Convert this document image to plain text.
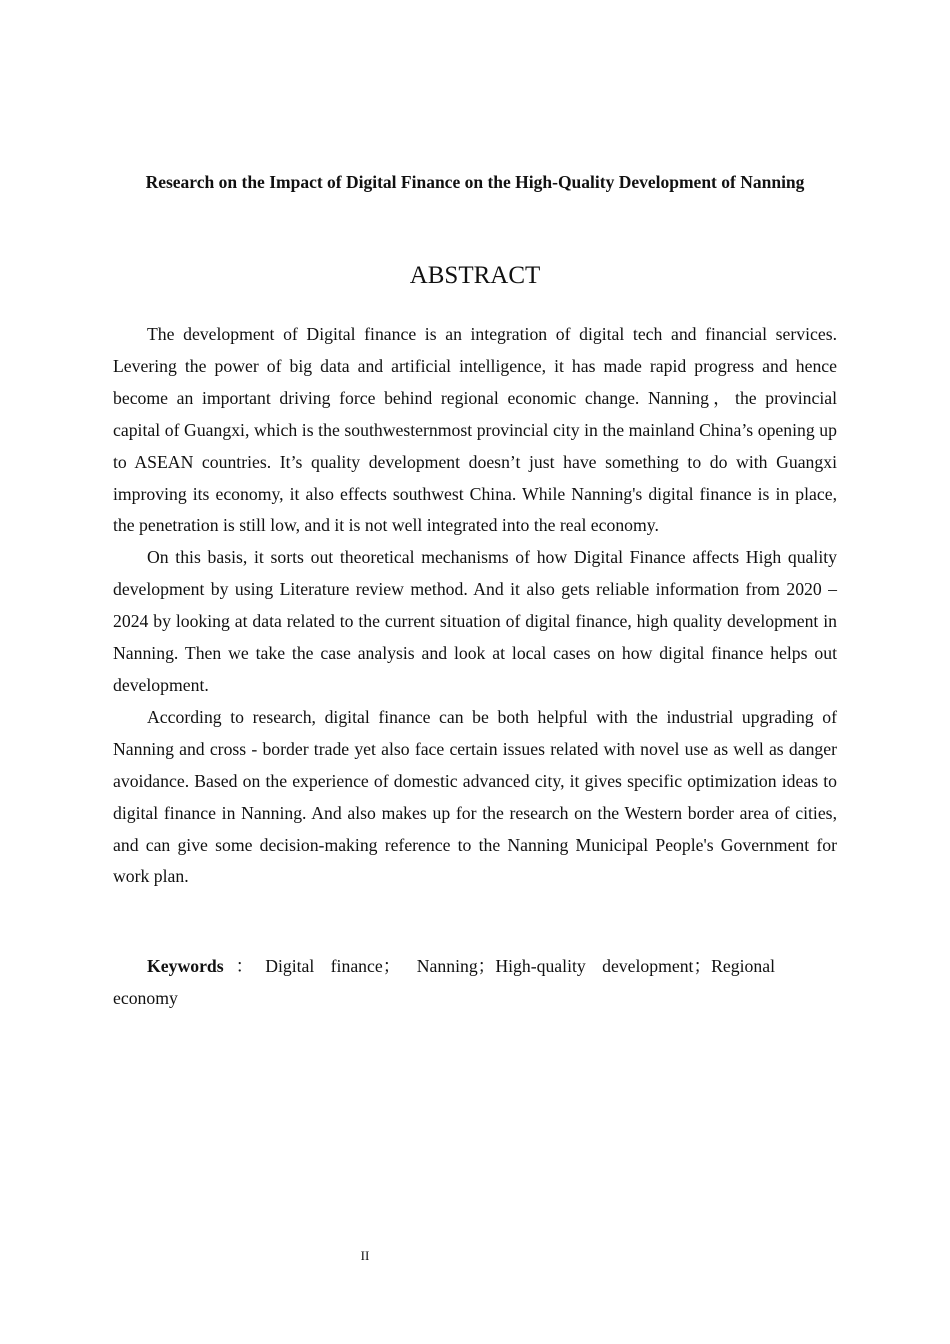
Research on the Impact of Digital Finance on the High-Quality Development of Nanning
ABSTRACT

The development of Digital finance is an integration of digital tech and financial services. Levering the power of big data and artificial intelligence, it has made rapid progress and hence become an important driving force behind regional economic change. Nanning，the provincial capital of Guangxi, which is the southwesternmost provincial city in the mainland China’s opening up to ASEAN countries. It’s quality development doesn’t just have something to do with Guangxi improving its economy, it also effects southwest China. While Nanning's digital finance is in place, the penetration is still low, and it is not well integrated into the real economy.

On this basis, it sorts out theoretical mechanisms of how Digital Finance affects High quality development by using Literature review method. And it also gets reliable information from 2020 – 2024 by looking at data related to the current situation of digital finance, high quality development in Nanning. Then we take the case analysis and look at local cases on how digital finance helps out development.

According to research, digital finance can be both helpful with the industrial upgrading of Nanning and cross - border trade yet also face certain issues related with novel use as well as danger avoidance. Based on the experience of domestic advanced city, it gives specific optimization ideas to digital finance in Nanning. And also makes up for the research on the Western border area of cities, and can give some decision-making reference to the Nanning Municipal People's Government for work plan.

Keywords：Digital finance； Nanning；High-quality development；Regional economy

II
